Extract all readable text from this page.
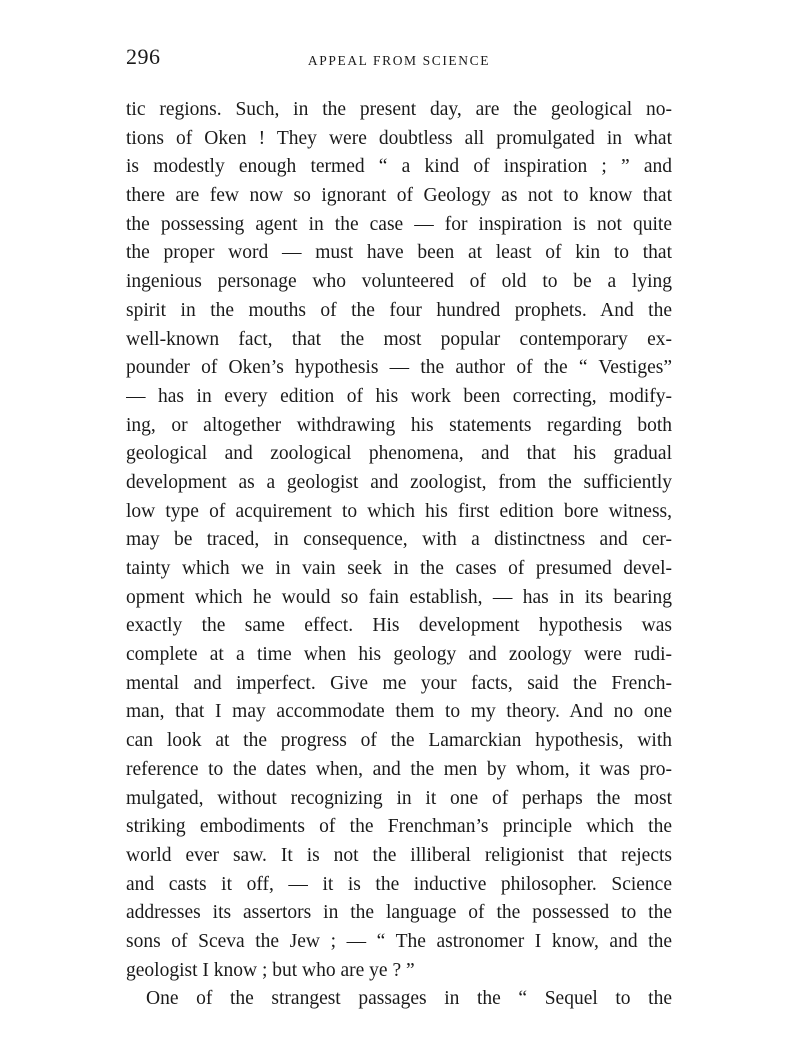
296	APPEAL FROM SCIENCE
tic regions. Such, in the present day, are the geological no-
tions of Oken ! They were doubtless all promulgated in what
is modestly enough termed “ a kind of inspiration ; ” and
there are few now so ignorant of Geology as not to know that
the possessing agent in the case — for inspiration is not quite
the proper word — must have been at least of kin to that
ingenious personage who volunteered of old to be a lying
spirit in the mouths of the four hundred prophets. And the
well-known fact, that the most popular contemporary ex-
pounder of Oken’s hypothesis — the author of the “ Vestiges”
— has in every edition of his work been correcting, modify-
ing, or altogether withdrawing his statements regarding both
geological and zoological phenomena, and that his gradual
development as a geologist and zoologist, from the sufficiently
low type of acquirement to which his first edition bore witness,
may be traced, in consequence, with a distinctness and cer-
tainty which we in vain seek in the cases of presumed devel-
opment which he would so fain establish, — has in its bearing
exactly the same effect. His development hypothesis was
complete at a time when his geology and zoology were rudi-
mental and imperfect. Give me your facts, said the French-
man, that I may accommodate them to my theory. And no one
can look at the progress of the Lamarckian hypothesis, with
reference to the dates when, and the men by whom, it was pro-
mulgated, without recognizing in it one of perhaps the most
striking embodiments of the Frenchman’s principle which the
world ever saw. It is not the illiberal religionist that rejects
and casts it off, — it is the inductive philosopher. Science
addresses its assertors in the language of the possessed to the
sons of Sceva the Jew ; — “ The astronomer I know, and the
geologist I know ; but who are ye ? ”
One of the strangest passages in the “ Sequel to the
